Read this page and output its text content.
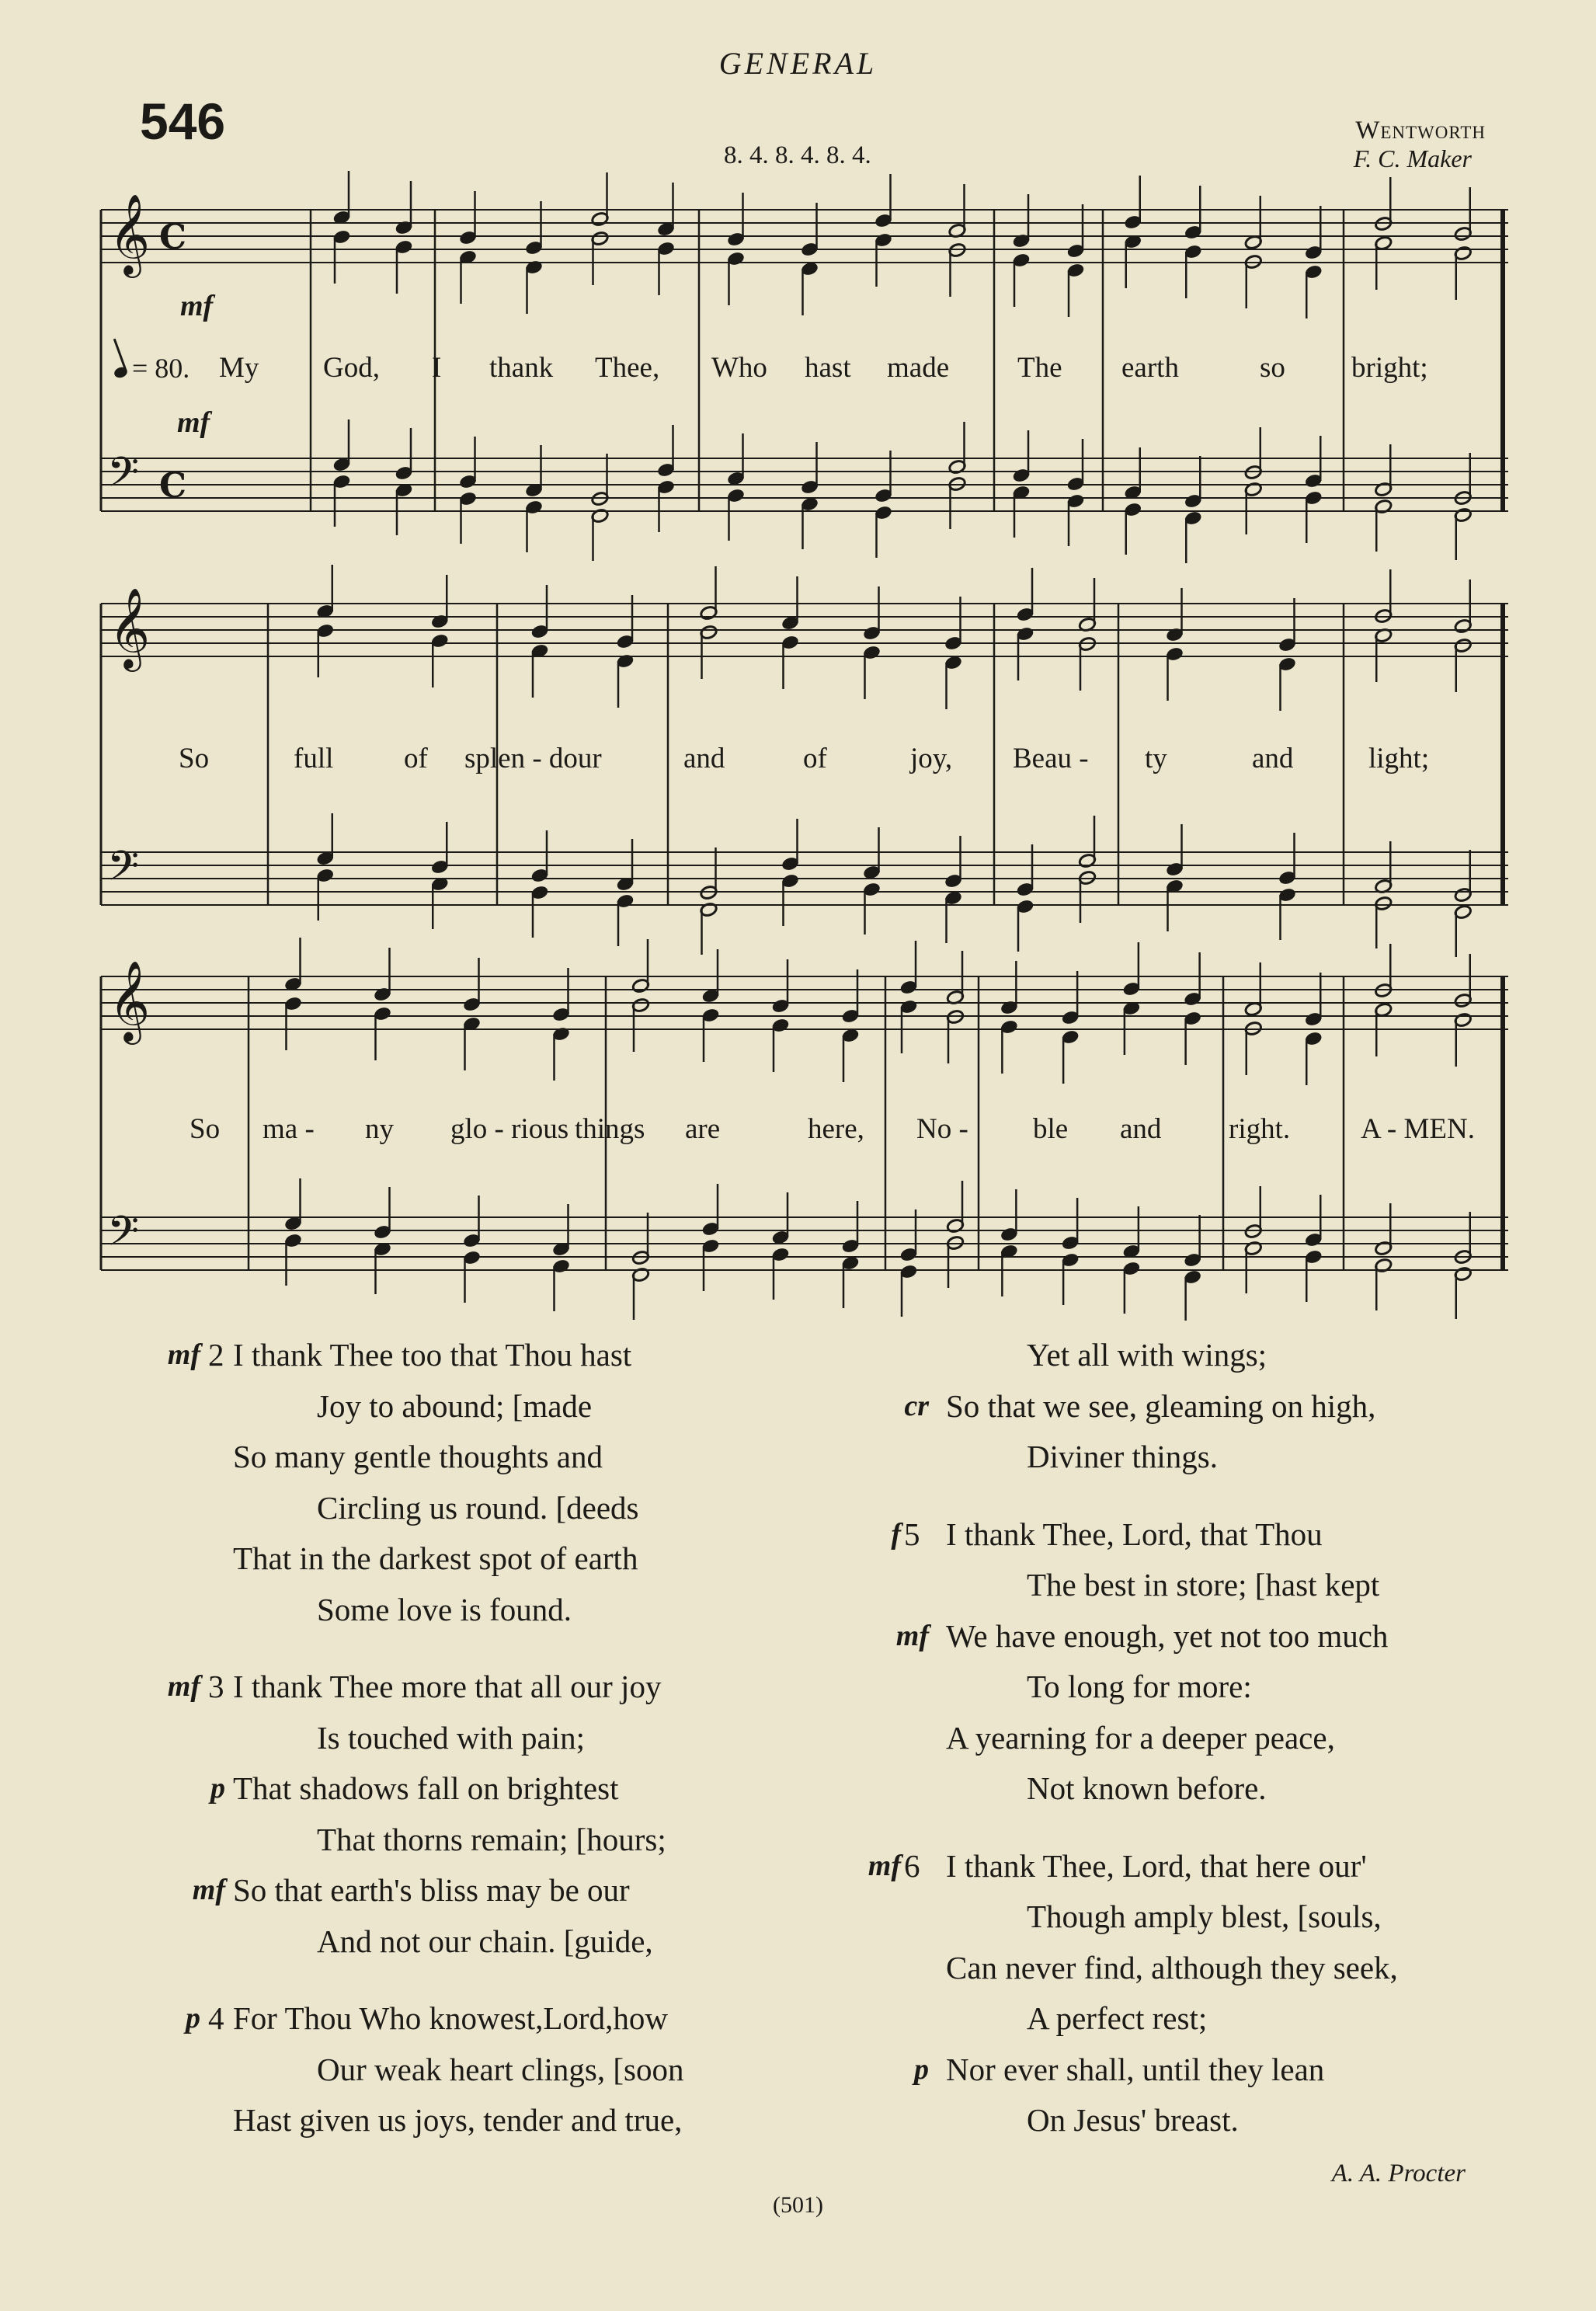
GENERAL
546
8. 4. 8. 4. 8. 4.
Wentworth
F. C. Maker
𝄞
𝄢
C
C
𝄞
𝄢
𝄞
𝄢
mf
mf
= 80. My God, I thank Thee, Who hast made The earth	so bright;
So	full of splen - dour	and	of	joy, Beau - ty	and	light;
So ma - ny glo - rious things are	here, No - ble and right. A - MEN.
mf 2 I thank Thee too that Thou hast
Joy to abound; [made
So many gentle thoughts and
Circling us round. [deeds
That in the darkest spot of earth
Some love is found.
mf 3 I thank Thee more that all our joy
Is touched with pain;
p That shadows fall on brightest
That thorns remain; [hours;
mf So that earth's bliss may be our
And not our chain. [guide,
p 4 For Thou Who knowest,Lord,how
Our weak heart clings, [soon
Hast given us joys, tender and true,
Yet all with wings;
cr So that we see, gleaming on high,
Diviner things.
f 5 I thank Thee, Lord, that Thou
The best in store; [hast kept
mf We have enough, yet not too much
To long for more:
A yearning for a deeper peace,
Not known before.
mf 6 I thank Thee, Lord, that here our'
Though amply blest, [souls,
Can never find, although they seek,
A perfect rest;
p Nor ever shall, until they lean
On Jesus' breast.
A. A. Procter
(501)
